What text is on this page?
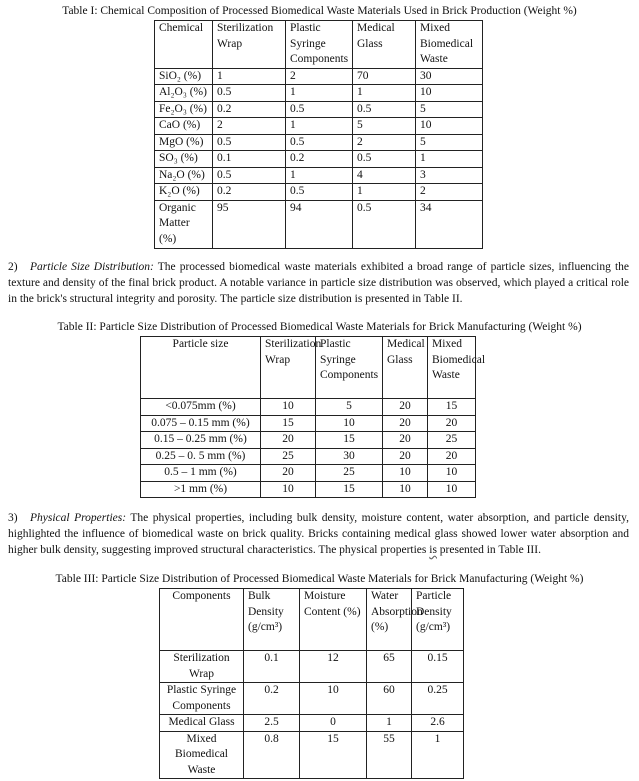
Table I: Chemical Composition of Processed Biomedical Waste Materials Used in Brick Production (Weight %)
Chemical	Sterilization Wrap	Plastic Syringe Components	Medical Glass	Mixed Biomedical Waste
SiO₂ (%)	1	2	70	30
Al₂O₃ (%)	0.5	1	1	10
Fe₂O₃ (%)	0.2	0.5	0.5	5
CaO (%)	2	1	5	10
MgO (%)	0.5	0.5	2	5
SO₃ (%)	0.1	0.2	0.5	1
Na₂O (%)	0.5	1	4	3
K₂O (%)	0.2	0.5	1	2
Organic Matter (%)	95	94	0.5	34
2) Particle Size Distribution: The processed biomedical waste materials exhibited a broad range of particle sizes, influencing the texture and density of the final brick product. A notable variance in particle size distribution was observed, which played a critical role in the brick's structural integrity and porosity. The particle size distribution is presented in Table II.
Table II: Particle Size Distribution of Processed Biomedical Waste Materials for Brick Manufacturing (Weight %)
Particle size	Sterilization Wrap	Plastic Syringe Components	Medical Glass	Mixed Biomedical Waste
<0.075mm (%)	10	5	20	15
0.075 – 0.15 mm (%)	15	10	20	20
0.15 – 0.25 mm (%)	20	15	20	25
0.25 – 0. 5 mm (%)	25	30	20	20
0.5 – 1 mm (%)	20	25	10	10
>1 mm (%)	10	15	10	10
3) Physical Properties: The physical properties, including bulk density, moisture content, water absorption, and particle density, highlighted the influence of biomedical waste on brick quality. Bricks containing medical glass showed lower water absorption and higher bulk density, suggesting improved structural characteristics. The physical properties is presented in Table III.
Table III: Particle Size Distribution of Processed Biomedical Waste Materials for Brick Manufacturing (Weight %)
Components	Bulk Density (g/cm³)	Moisture Content (%)	Water Absorption (%)	Particle Density (g/cm³)
Sterilization Wrap	0.1	12	65	0.15
Plastic Syringe Components	0.2	10	60	0.25
Medical Glass	2.5	0	1	2.6
Mixed Biomedical Waste	0.8	15	55	1
